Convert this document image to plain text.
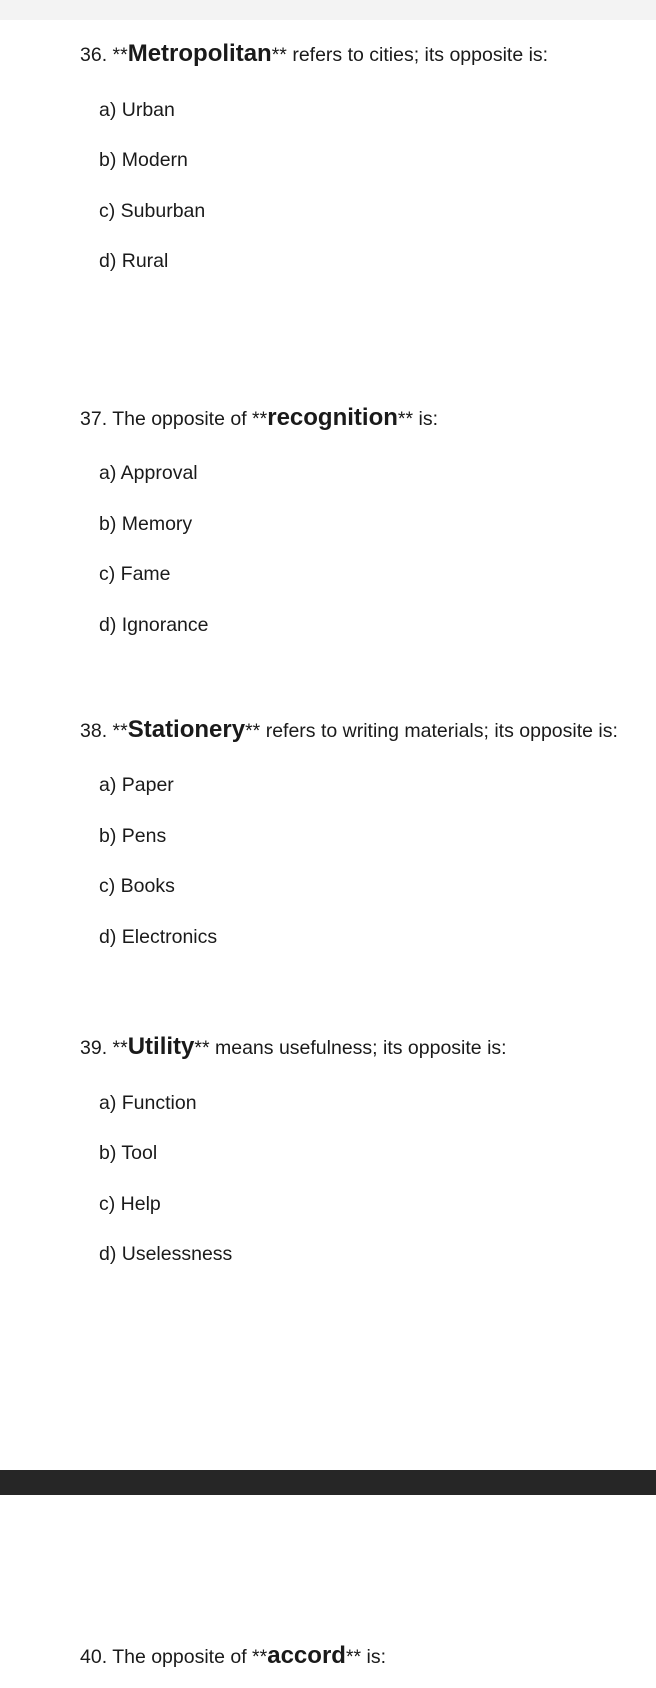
36. **Metropolitan** refers to cities; its opposite is:
a) Urban
b) Modern
c) Suburban
d) Rural
37. The opposite of **recognition** is:
a) Approval
b) Memory
c) Fame
d) Ignorance
38. **Stationery** refers to writing materials; its opposite is:
a) Paper
b) Pens
c) Books
d) Electronics
39. **Utility** means usefulness; its opposite is:
a) Function
b) Tool
c) Help
d) Uselessness
40. The opposite of **accord** is:
